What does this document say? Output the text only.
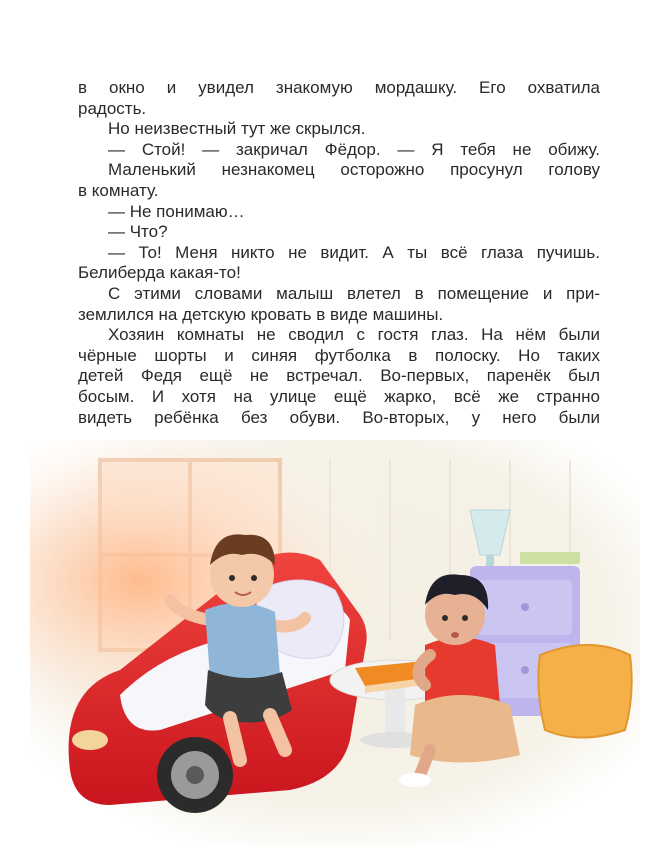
в окно и увидел знакомую мордашку. Его охватила

радость.

Но неизвестный тут же скрылся.

— Стой! — закричал Фёдор. — Я тебя не обижу.

Маленький незнакомец осторожно просунул голову

в комнату.

— Не понимаю…

— Что?

— То! Меня никто не видит. А ты всё глаза пучишь.

Белиберда какая-то!

С этими словами малыш влетел в помещение и при-

землился на детскую кровать в виде машины.

Хозяин комнаты не сводил с гостя глаз. На нём были

чёрные шорты и синяя футболка в полоску. Но таких

детей Федя ещё не встречал. Во-первых, паренёк был

босым. И хотя на улице ещё жарко, всё же странно

видеть ребёнка без обуви. Во-вторых, у него были
